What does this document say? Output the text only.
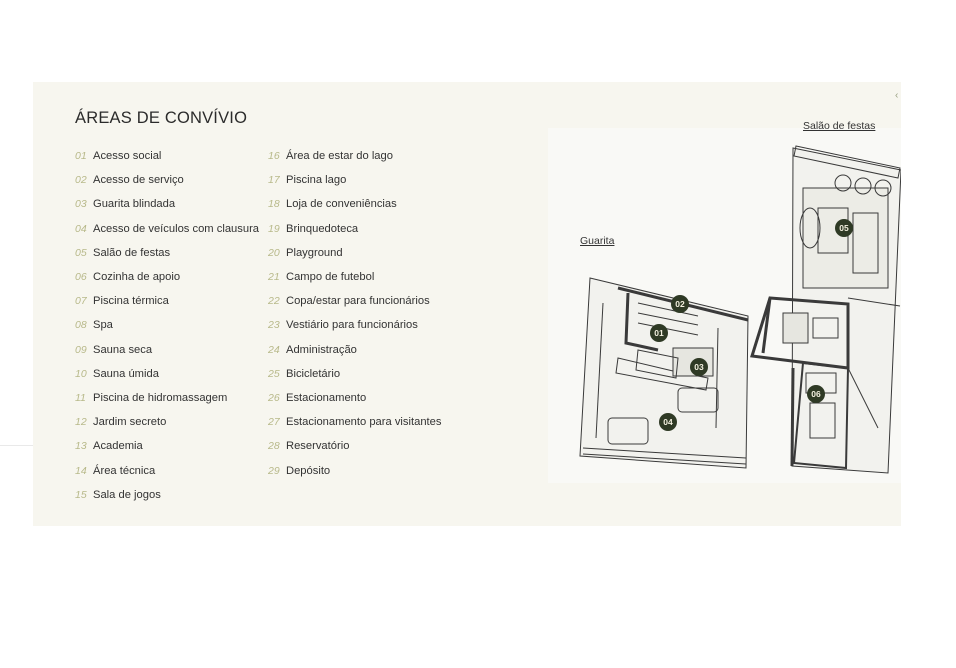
‹
ÁREAS DE CONVÍVIO
01 Acesso social
02 Acesso de serviço
03 Guarita blindada
04 Acesso de veículos com clausura
05 Salão de festas
06 Cozinha de apoio
07 Piscina térmica
08 Spa
09 Sauna seca
10 Sauna úmida
11 Piscina de hidromassagem
12 Jardim secreto
13 Academia
14 Área técnica
15 Sala de jogos
16 Área de estar do lago
17 Piscina lago
18 Loja de conveniências
19 Brinquedoteca
20 Playground
21 Campo de futebol
22 Copa/estar para funcionários
23 Vestiário para funcionários
24 Administração
25 Bicicletário
26 Estacionamento
27 Estacionamento para visitantes
28 Reservatório
29 Depósito
Guarita
Salão de festas
01
02
03
04
05
06
